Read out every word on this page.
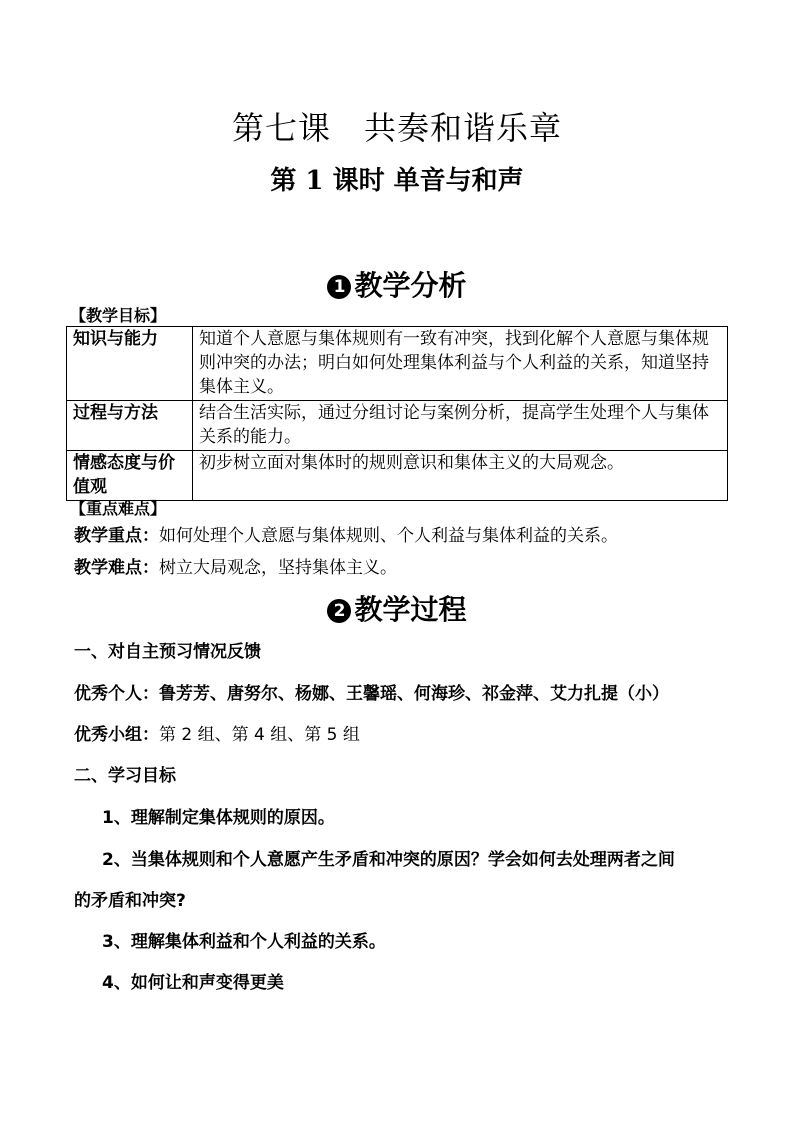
第七课　共奏和谐乐章
第 1 课时 单音与和声
1 教学分析
【教学目标】
知识与能力	知道个人意愿与集体规则有一致有冲突，找到化解个人意愿与集体规则冲突的办法；明白如何处理集体利益与个人利益的关系，知道坚持集体主义。
过程与方法	结合生活实际，通过分组讨论与案例分析，提高学生处理个人与集体关系的能力。
情感态度与价值观	初步树立面对集体时的规则意识和集体主义的大局观念。
【重点难点】
教学重点：如何处理个人意愿与集体规则、个人利益与集体利益的关系。
教学难点：树立大局观念，坚持集体主义。
2 教学过程
一、对自主预习情况反馈
优秀个人：鲁芳芳、唐努尔、杨娜、王馨瑶、何海珍、祁金萍、艾力扎提（小）
优秀小组：第 2 组、第 4 组、第 5 组
二、学习目标
1、理解制定集体规则的原因。
2、当集体规则和个人意愿产生矛盾和冲突的原因？学会如何去处理两者之间
的矛盾和冲突?
3、理解集体利益和个人利益的关系。
4、如何让和声变得更美
